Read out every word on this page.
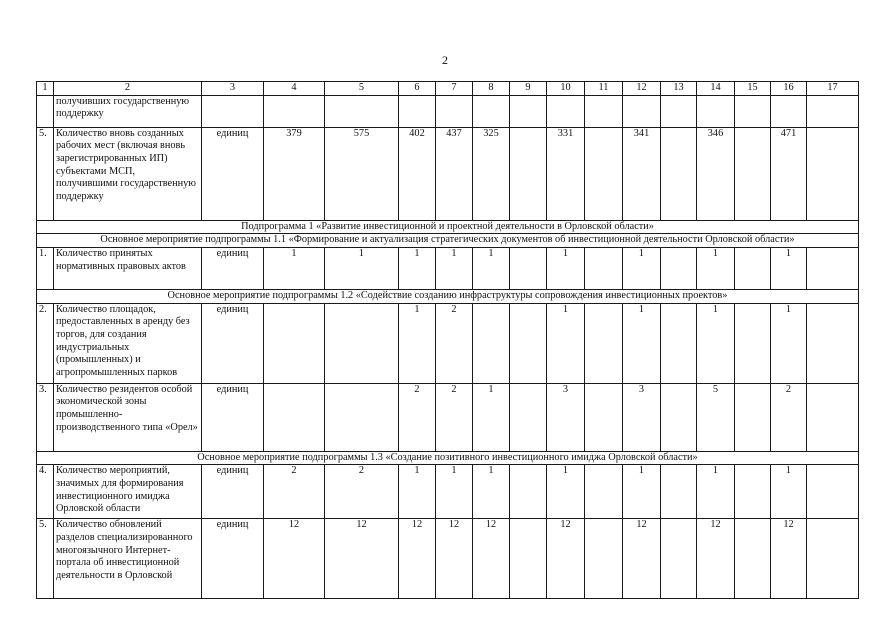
2
1	2	3	4	5	6	7	8	9	10	11	12	13	14	15	16	17
	получивших государственную поддержку															
5.	Количество вновь созданных рабочих мест (включая вновь зарегистрированных ИП) субъектами МСП, получившими государственную поддержку	единиц	379	575	402	437	325		331		341		346		471	
Подпрограмма 1 «Развитие инвестиционной и проектной деятельности в Орловской области»																
Основное мероприятие подпрограммы 1.1 «Формирование и актуализация стратегических документов об инвестиционной деятельности Орловской области»																
1.	Количество принятых нормативных правовых актов	единиц	1	1	1	1	1		1		1		1		1	
Основное мероприятие подпрограммы 1.2 «Содействие созданию инфраструктуры сопровождения инвестиционных проектов»																
2.	Количество площадок, предоставленных в аренду без торгов, для создания индустриальных (промышленных) и агропромышленных парков	единиц			1	2			1		1		1		1	
3.	Количество резидентов особой экономической зоны промышленно-производственного типа «Орел»	единиц			2	2	1		3		3		5		2	
Основное мероприятие подпрограммы 1.3 «Создание позитивного инвестиционного имиджа Орловской области»																
4.	Количество мероприятий, значимых для формирования инвестиционного имиджа Орловской области	единиц	2	2	1	1	1		1		1		1		1	
5.	Количество обновлений разделов специализированного многоязычного Интернет-портала об инвестиционной деятельности в Орловской	единиц	12	12	12	12	12		12		12		12		12	
